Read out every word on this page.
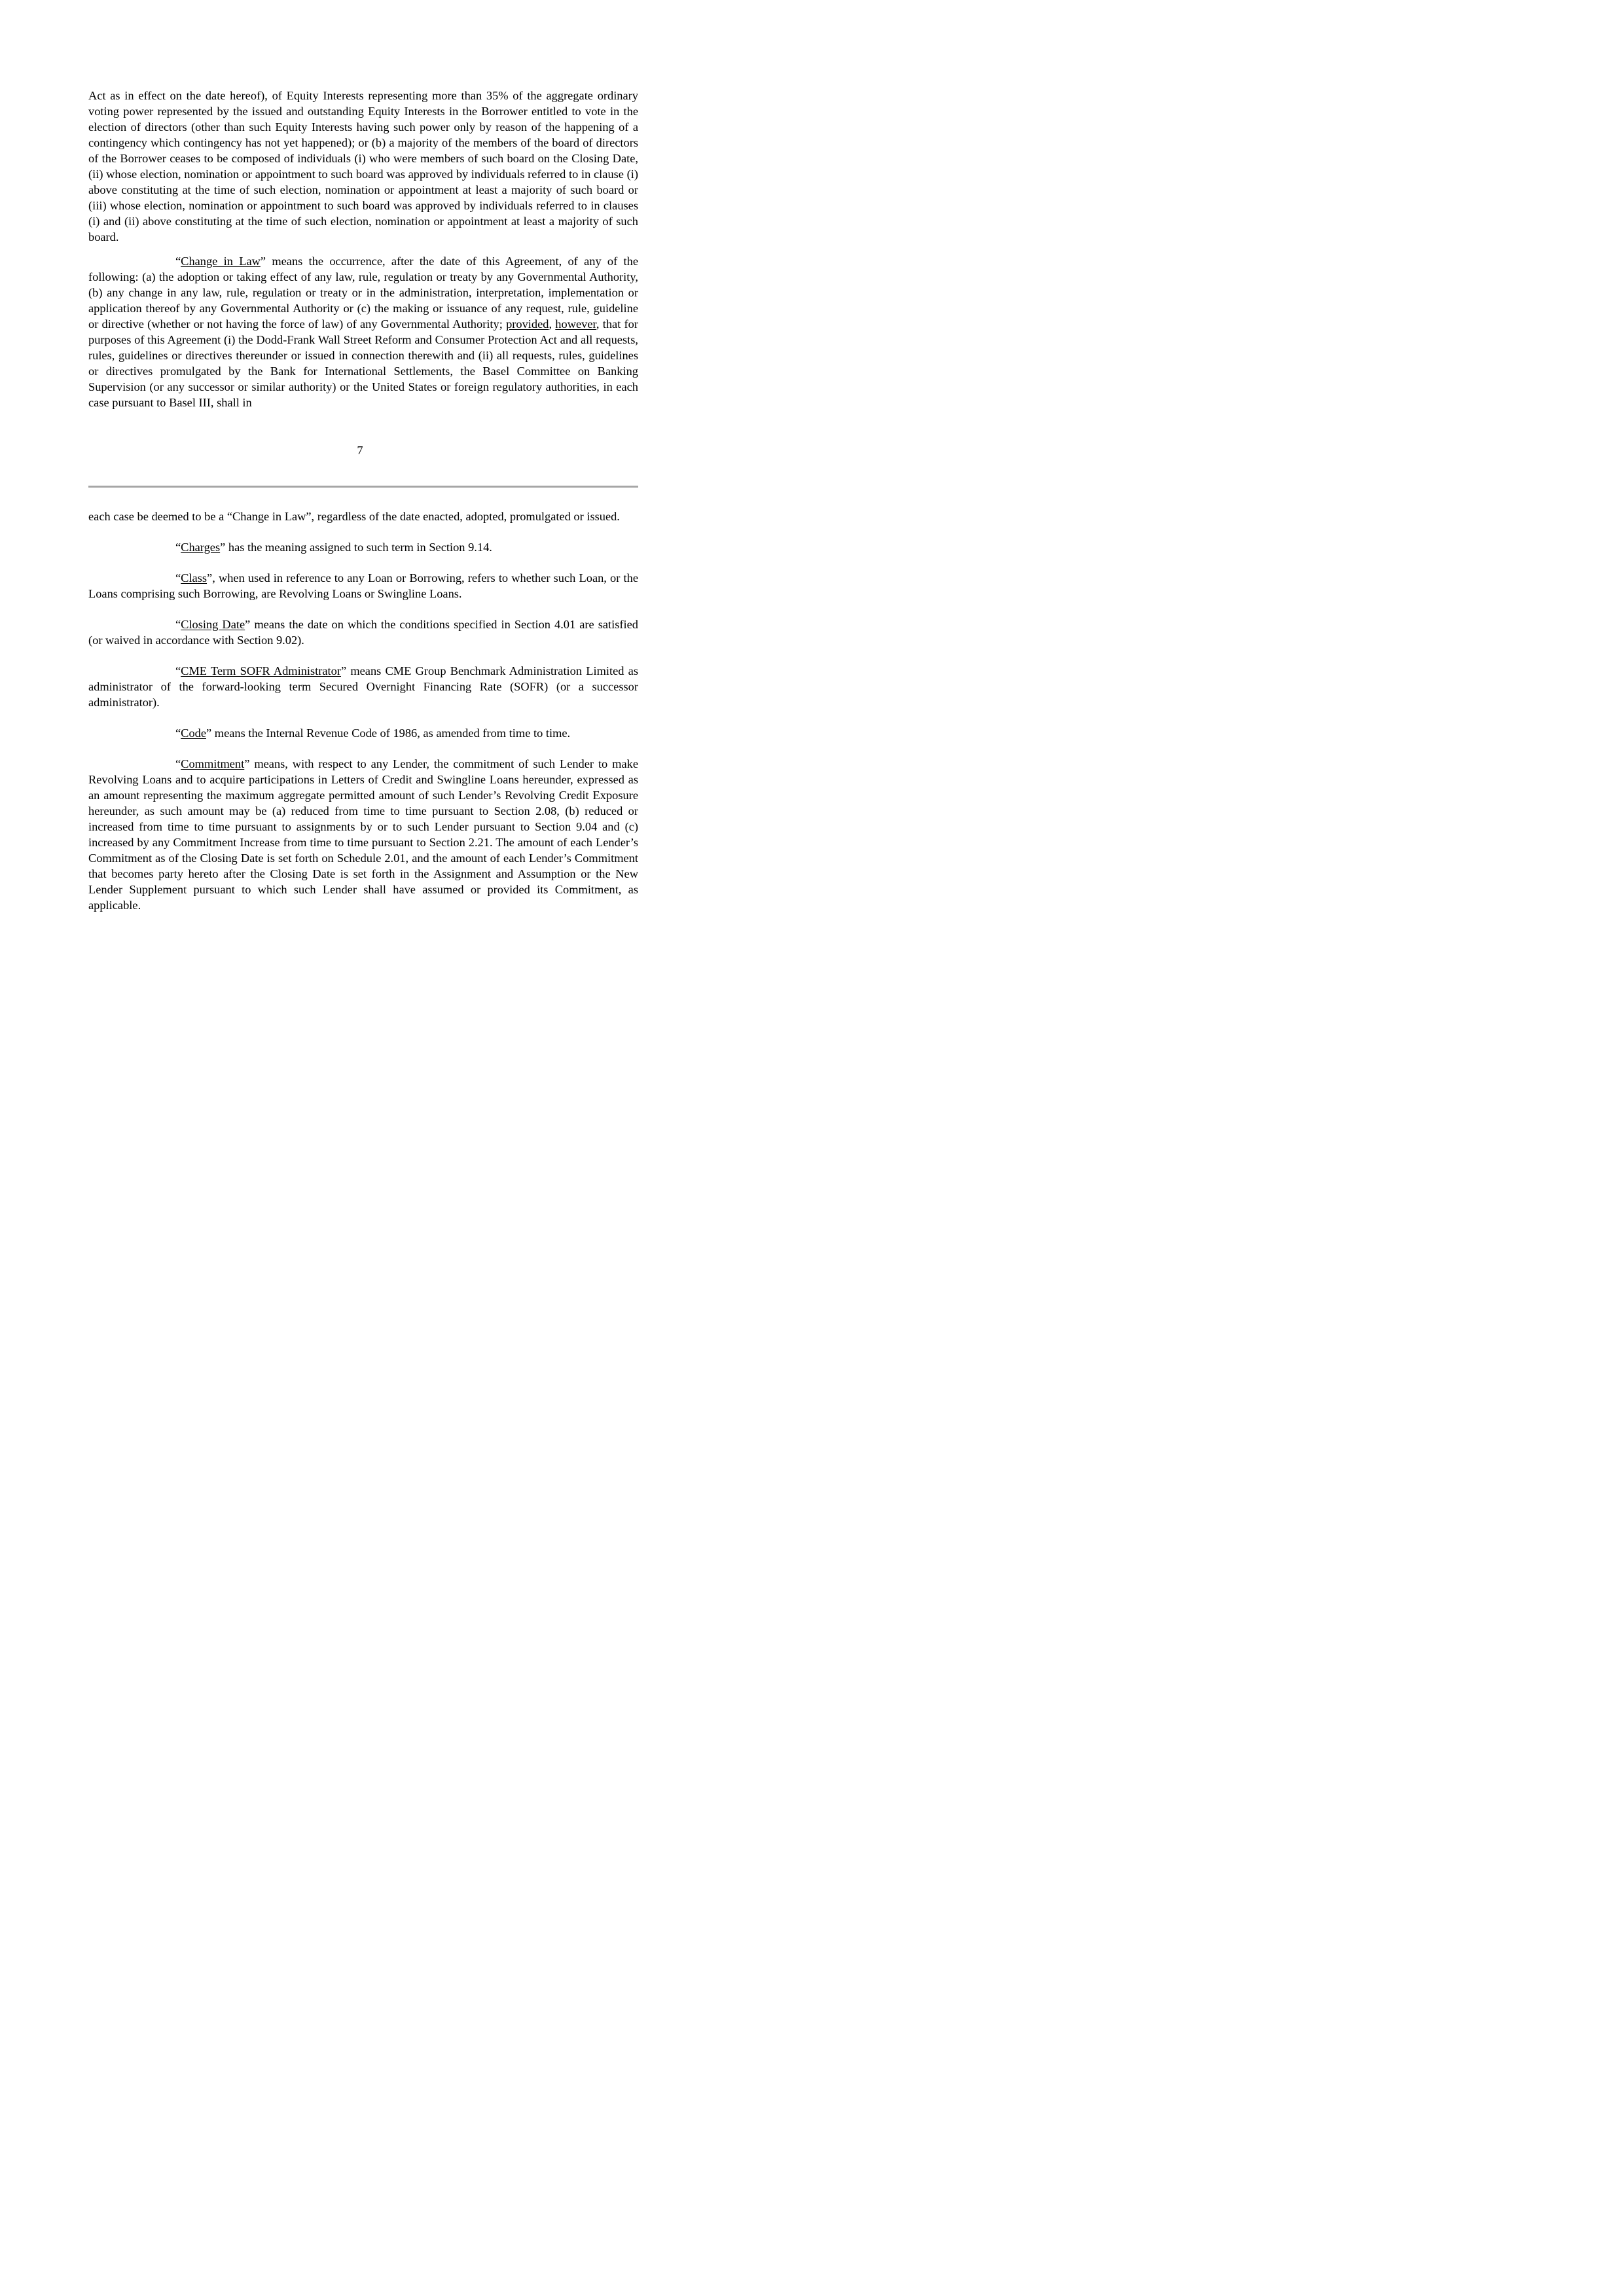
Act as in effect on the date hereof), of Equity Interests representing more than 35% of the aggregate ordinary voting power represented by the issued and outstanding Equity Interests in the Borrower entitled to vote in the election of directors (other than such Equity Interests having such power only by reason of the happening of a contingency which contingency has not yet happened); or (b) a majority of the members of the board of directors of the Borrower ceases to be composed of individuals (i) who were members of such board on the Closing Date, (ii) whose election, nomination or appointment to such board was approved by individuals referred to in clause (i) above constituting at the time of such election, nomination or appointment at least a majority of such board or (iii) whose election, nomination or appointment to such board was approved by individuals referred to in clauses (i) and (ii) above constituting at the time of such election, nomination or appointment at least a majority of such board.

“Change in Law” means the occurrence, after the date of this Agreement, of any of the following: (a) the adoption or taking effect of any law, rule, regulation or treaty by any Governmental Authority, (b) any change in any law, rule, regulation or treaty or in the administration, interpretation, implementation or application thereof by any Governmental Authority or (c) the making or issuance of any request, rule, guideline or directive (whether or not having the force of law) of any Governmental Authority; provided, however, that for purposes of this Agreement (i) the Dodd-Frank Wall Street Reform and Consumer Protection Act and all requests, rules, guidelines or directives thereunder or issued in connection therewith and (ii) all requests, rules, guidelines or directives promulgated by the Bank for International Settlements, the Basel Committee on Banking Supervision (or any successor or similar authority) or the United States or foreign regulatory authorities, in each case pursuant to Basel III, shall in

7

each case be deemed to be a “Change in Law”, regardless of the date enacted, adopted, promulgated or issued.

“Charges” has the meaning assigned to such term in Section 9.14.

“Class”, when used in reference to any Loan or Borrowing, refers to whether such Loan, or the Loans comprising such Borrowing, are Revolving Loans or Swingline Loans.

“Closing Date” means the date on which the conditions specified in Section 4.01 are satisfied (or waived in accordance with Section 9.02).

“CME Term SOFR Administrator” means CME Group Benchmark Administration Limited as administrator of the forward-looking term Secured Overnight Financing Rate (SOFR) (or a successor administrator).

“Code” means the Internal Revenue Code of 1986, as amended from time to time.

“Commitment” means, with respect to any Lender, the commitment of such Lender to make Revolving Loans and to acquire participations in Letters of Credit and Swingline Loans hereunder, expressed as an amount representing the maximum aggregate permitted amount of such Lender’s Revolving Credit Exposure hereunder, as such amount may be (a) reduced from time to time pursuant to Section 2.08, (b) reduced or increased from time to time pursuant to assignments by or to such Lender pursuant to Section 9.04 and (c) increased by any Commitment Increase from time to time pursuant to Section 2.21. The amount of each Lender’s Commitment as of the Closing Date is set forth on Schedule 2.01, and the amount of each Lender’s Commitment that becomes party hereto after the Closing Date is set forth in the Assignment and Assumption or the New Lender Supplement pursuant to which such Lender shall have assumed or provided its Commitment, as applicable.
